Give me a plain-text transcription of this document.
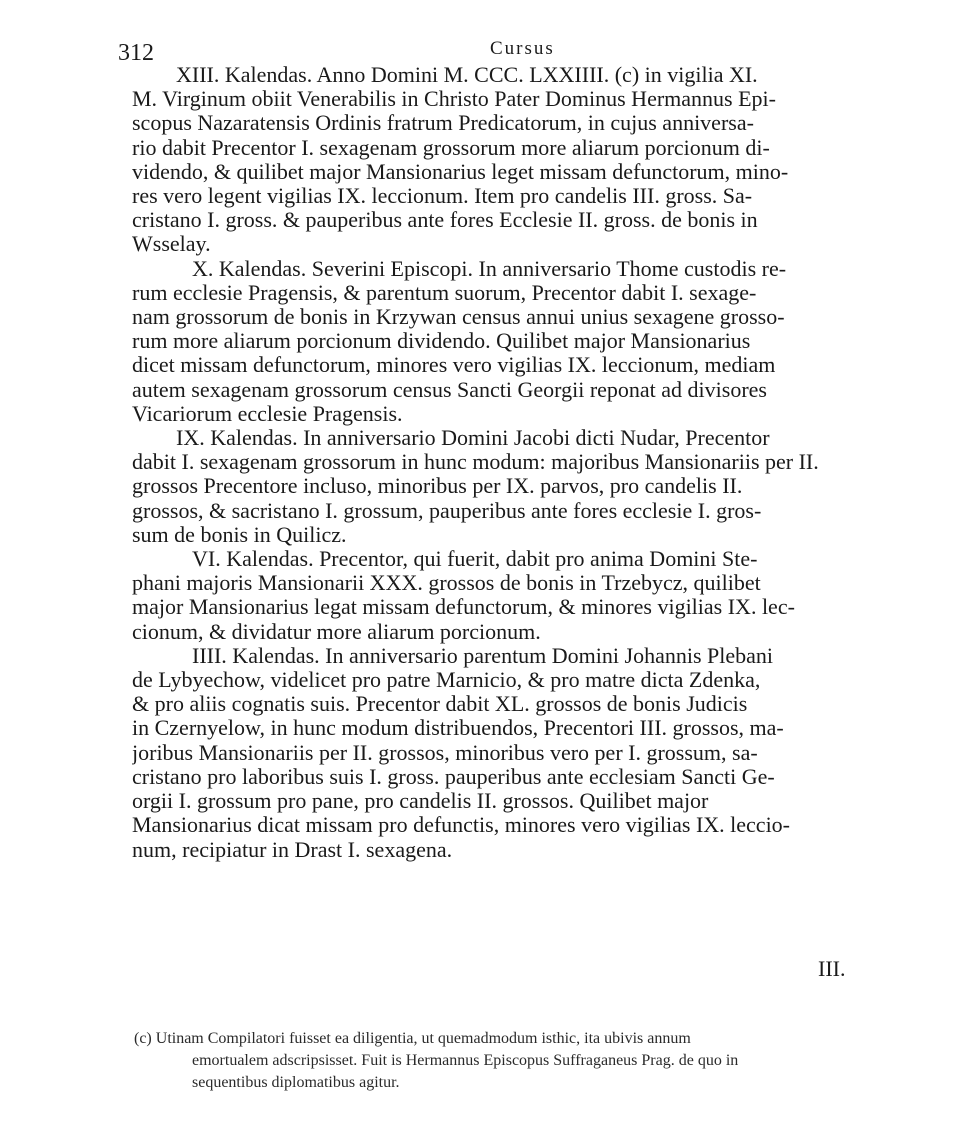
312	Cursus

XIII. Kalendas. Anno Domini M. CCC. LXXIIII. (c) in vigilia XI.
M. Virginum obiit Venerabilis in Christo Pater Dominus Hermannus Epi-
scopus Nazaratensis Ordinis fratrum Predicatorum, in cujus anniversa-
rio dabit Precentor I. sexagenam grossorum more aliarum porcionum di-
videndo, & quilibet major Mansionarius leget missam defunctorum, mino-
res vero legent vigilias IX. leccionum. Item pro candelis III. gross. Sa-
cristano I. gross. & pauperibus ante fores Ecclesie II. gross. de bonis in
Wsselay.

X. Kalendas. Severini Episcopi. In anniversario Thome custodis re-
rum ecclesie Pragensis, & parentum suorum, Precentor dabit I. sexage-
nam grossorum de bonis in Krzywan census annui unius sexagene grosso-
rum more aliarum porcionum dividendo. Quilibet major Mansionarius
dicet missam defunctorum, minores vero vigilias IX. leccionum, mediam
autem sexagenam grossorum census Sancti Georgii reponat ad divisores
Vicariorum ecclesie Pragensis.

IX. Kalendas. In anniversario Domini Jacobi dicti Nudar, Precentor
dabit I. sexagenam grossorum in hunc modum: majoribus Mansionariis per II.
grossos Precentore incluso, minoribus per IX. parvos, pro candelis II.
grossos, & sacristano I. grossum, pauperibus ante fores ecclesie I. gros-
sum de bonis in Quilicz.

VI. Kalendas. Precentor, qui fuerit, dabit pro anima Domini Ste-
phani majoris Mansionarii XXX. grossos de bonis in Trzebycz, quilibet
major Mansionarius legat missam defunctorum, & minores vigilias IX. lec-
cionum, & dividatur more aliarum porcionum.

IIII. Kalendas. In anniversario parentum Domini Johannis Plebani
de Lybyechow, videlicet pro patre Marnicio, & pro matre dicta Zdenka,
& pro aliis cognatis suis. Precentor dabit XL. grossos de bonis Judicis
in Czernyelow, in hunc modum distribuendos, Precentori III. grossos, ma-
joribus Mansionariis per II. grossos, minoribus vero per I. grossum, sa-
cristano pro laboribus suis I. gross. pauperibus ante ecclesiam Sancti Ge-
orgii I. grossum pro pane, pro candelis II. grossos. Quilibet major
Mansionarius dicat missam pro defunctis, minores vero vigilias IX. leccio-
num, recipiatur in Drast I. sexagena.

III.
(c) Utinam Compilatori fuisset ea diligentia, ut quemadmodum isthic, ita ubivis annum
emortualem adscripsisset. Fuit is Hermannus Episcopus Suffraganeus Prag. de quo in
sequentibus diplomatibus agitur.
